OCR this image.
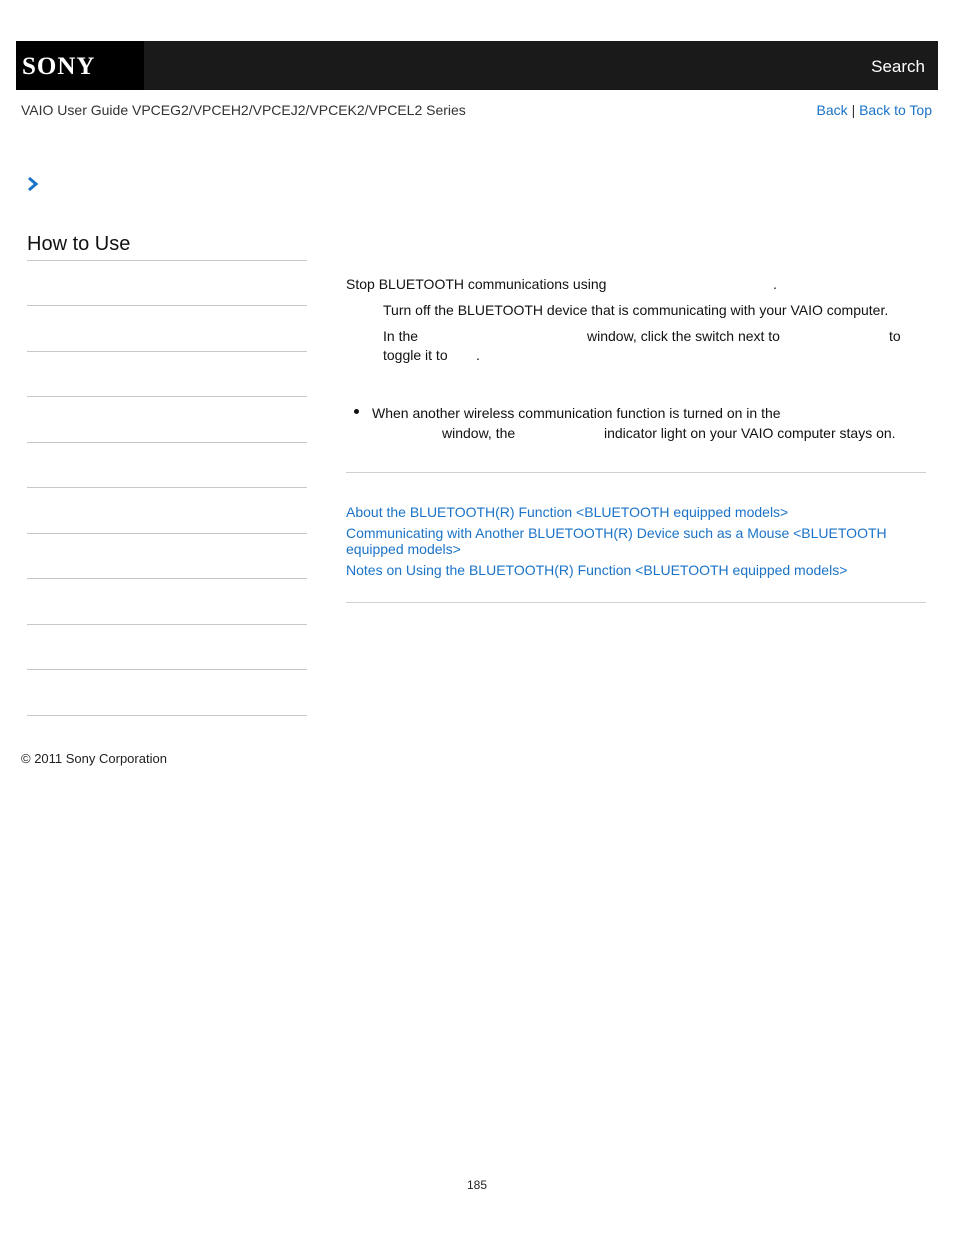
SONY	Search
VAIO User Guide VPCEG2/VPCEH2/VPCEJ2/VPCEK2/VPCEL2 Series	Back | Back to Top
How to Use
Stop BLUETOOTH communications using	.
Turn off the BLUETOOTH device that is communicating with your VAIO computer.
In the	window, click the switch next to	to
toggle it to .
When another wireless communication function is turned on in the
window, the	indicator light on your VAIO computer stays on.
About the BLUETOOTH(R) Function <BLUETOOTH equipped models>
Communicating with Another BLUETOOTH(R) Device such as a Mouse <BLUETOOTH
equipped models>
Notes on Using the BLUETOOTH(R) Function <BLUETOOTH equipped models>
© 2011 Sony Corporation
185
